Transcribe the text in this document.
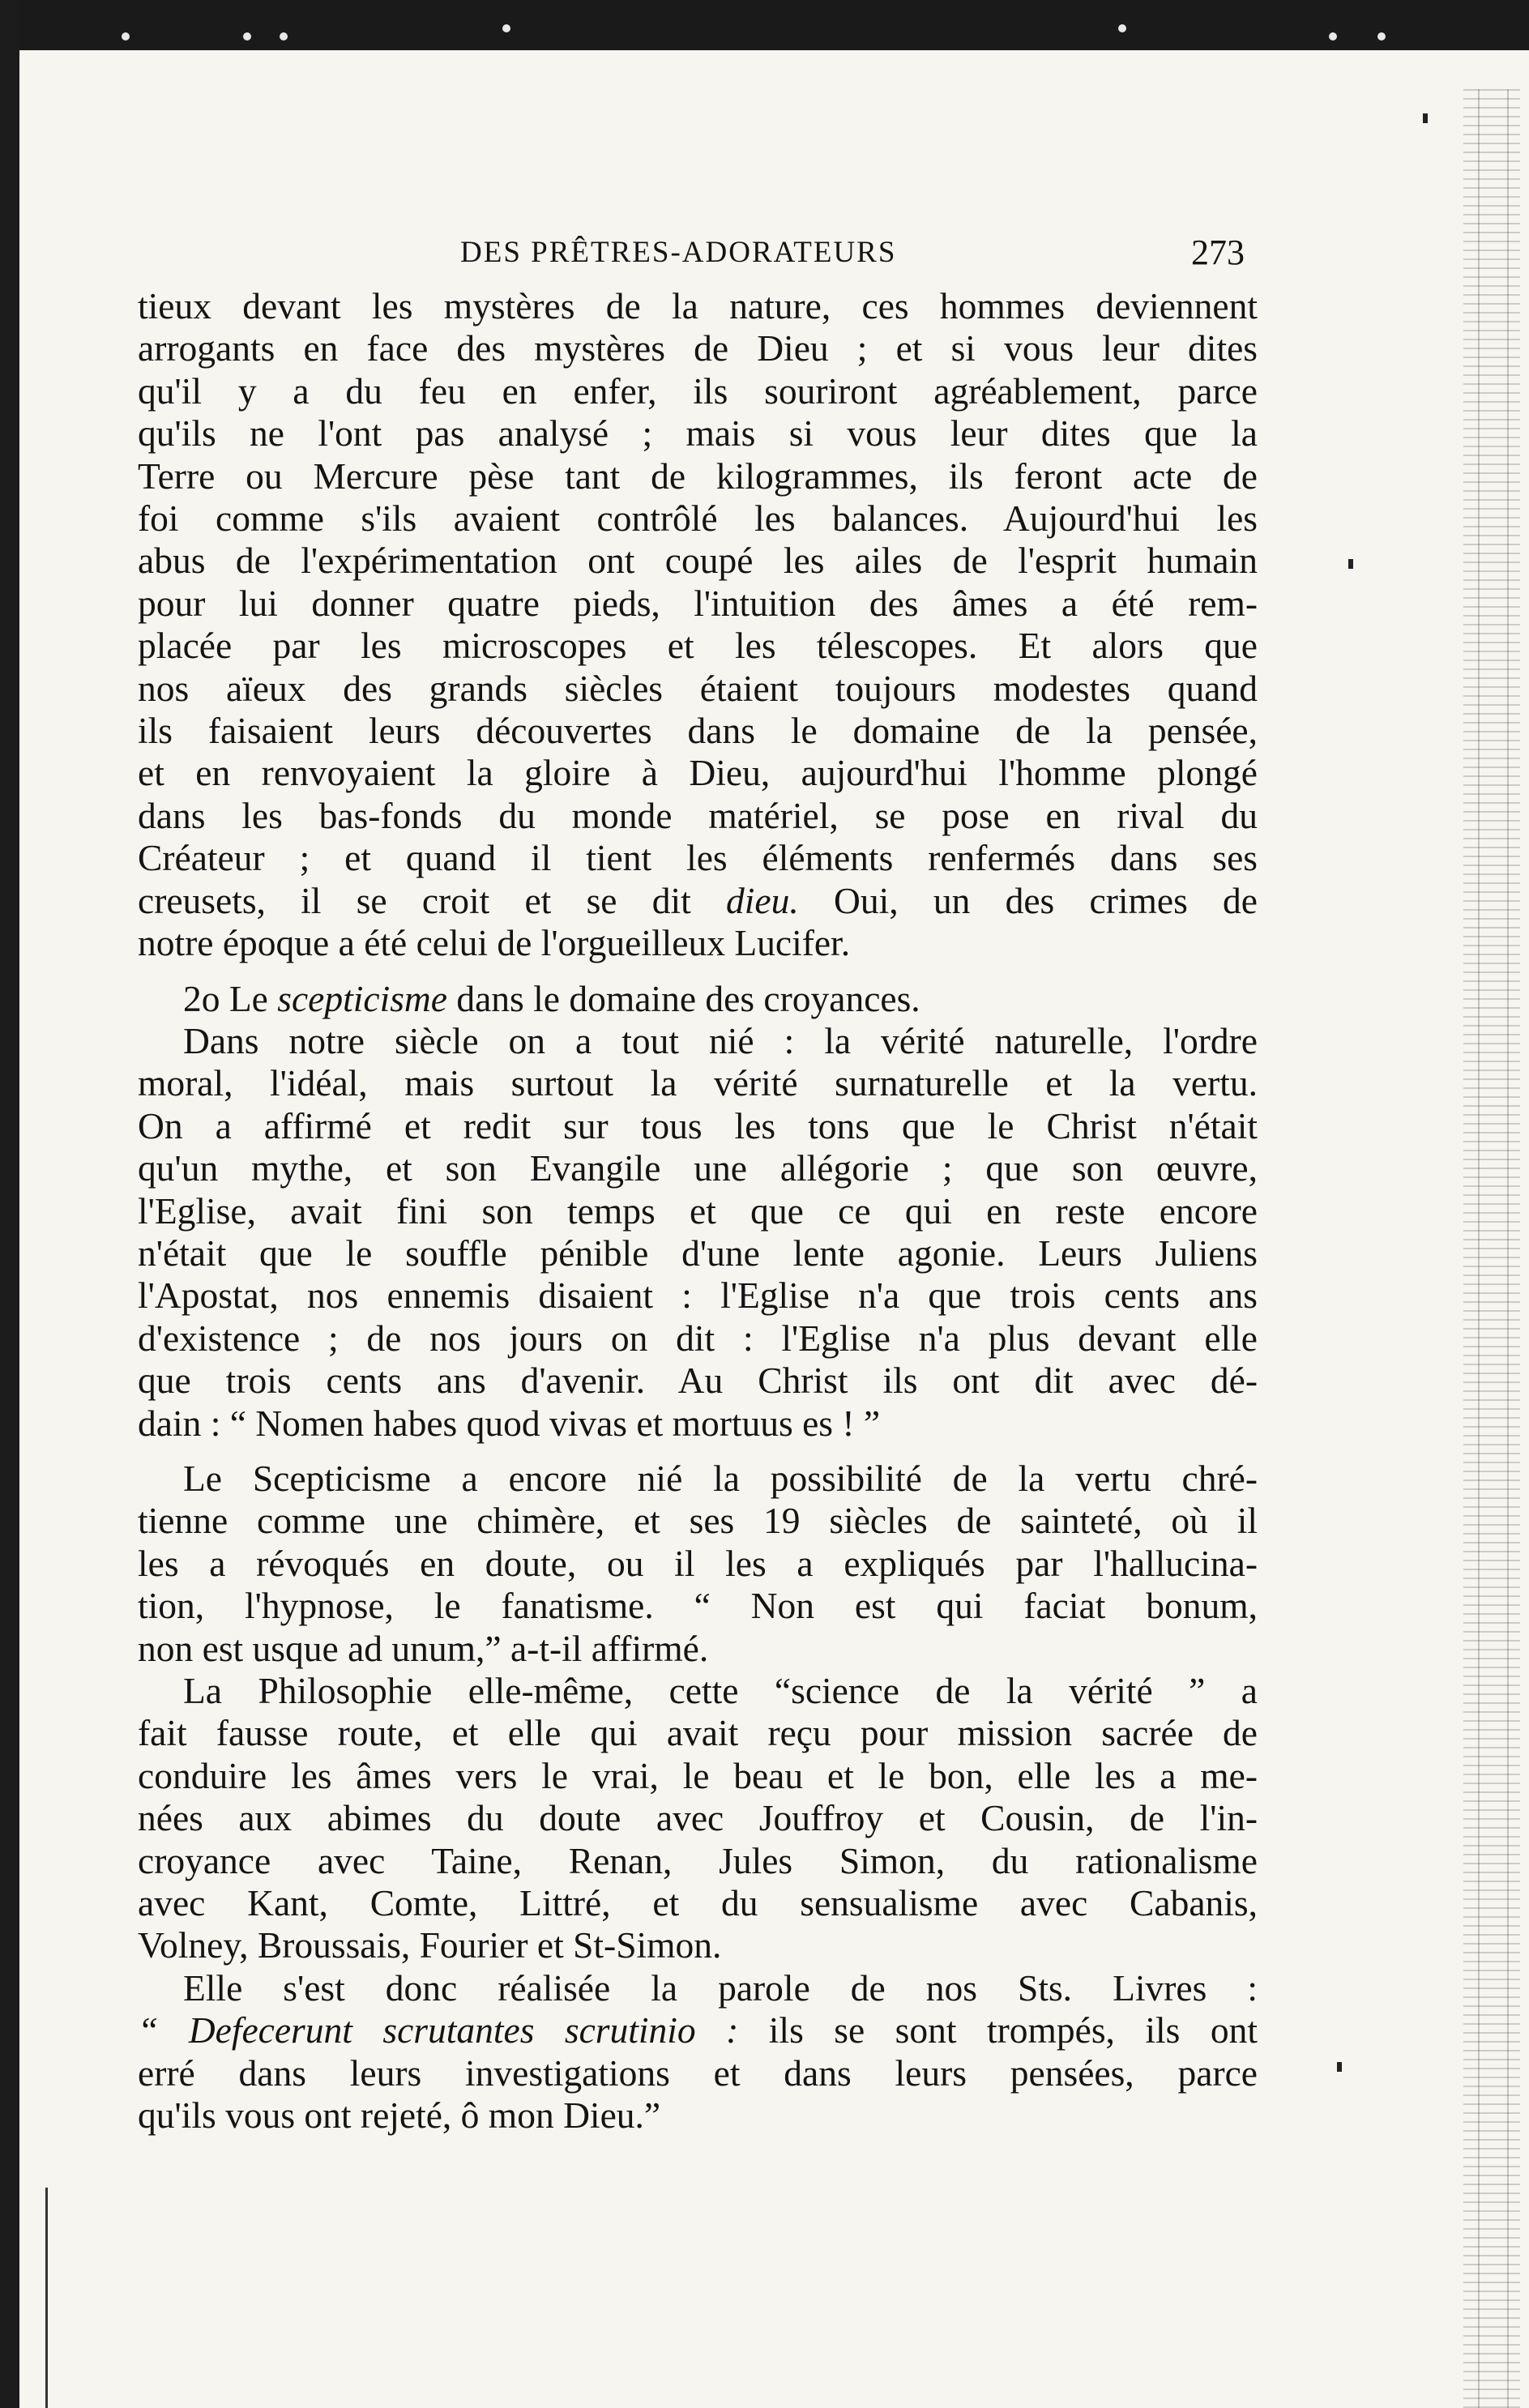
DES PRÊTRES-ADORATEURS	273
tieux devant les mystères de la nature, ces hommes deviennent
arrogants en face des mystères de Dieu ; et si vous leur dites
qu'il y a du feu en enfer, ils souriront agréablement, parce
qu'ils ne l'ont pas analysé ; mais si vous leur dites que la
Terre ou Mercure pèse tant de kilogrammes, ils feront acte de
foi comme s'ils avaient contrôlé les balances. Aujourd'hui les
abus de l'expérimentation ont coupé les ailes de l'esprit humain
pour lui donner quatre pieds, l'intuition des âmes a été rem-
placée par les microscopes et les télescopes. Et alors que
nos aïeux des grands siècles étaient toujours modestes quand
ils faisaient leurs découvertes dans le domaine de la pensée,
et en renvoyaient la gloire à Dieu, aujourd'hui l'homme plongé
dans les bas-fonds du monde matériel, se pose en rival du
Créateur ; et quand il tient les éléments renfermés dans ses
creusets, il se croit et se dit dieu. Oui, un des crimes de
notre époque a été celui de l'orgueilleux Lucifer.
2o Le scepticisme dans le domaine des croyances.
Dans notre siècle on a tout nié : la vérité naturelle, l'ordre
moral, l'idéal, mais surtout la vérité surnaturelle et la vertu.
On a affirmé et redit sur tous les tons que le Christ n'était
qu'un mythe, et son Evangile une allégorie ; que son œuvre,
l'Eglise, avait fini son temps et que ce qui en reste encore
n'était que le souffle pénible d'une lente agonie. Leurs Juliens
l'Apostat, nos ennemis disaient : l'Eglise n'a que trois cents ans
d'existence ; de nos jours on dit : l'Eglise n'a plus devant elle
que trois cents ans d'avenir. Au Christ ils ont dit avec dé-
dain : “ Nomen habes quod vivas et mortuus es ! ”
Le Scepticisme a encore nié la possibilité de la vertu chré-
tienne comme une chimère, et ses 19 siècles de sainteté, où il
les a révoqués en doute, ou il les a expliqués par l'hallucina-
tion, l'hypnose, le fanatisme. “ Non est qui faciat bonum,
non est usque ad unum,” a-t-il affirmé.
La Philosophie elle-même, cette “science de la vérité ” a
fait fausse route, et elle qui avait reçu pour mission sacrée de
conduire les âmes vers le vrai, le beau et le bon, elle les a me-
nées aux abimes du doute avec Jouffroy et Cousin, de l'in-
croyance avec Taine, Renan, Jules Simon, du rationalisme
avec Kant, Comte, Littré, et du sensualisme avec Cabanis,
Volney, Broussais, Fourier et St-Simon.
Elle s'est donc réalisée la parole de nos Sts. Livres :
“ Defecerunt scrutantes scrutinio : ils se sont trompés, ils ont
erré dans leurs investigations et dans leurs pensées, parce
qu'ils vous ont rejeté, ô mon Dieu.”
